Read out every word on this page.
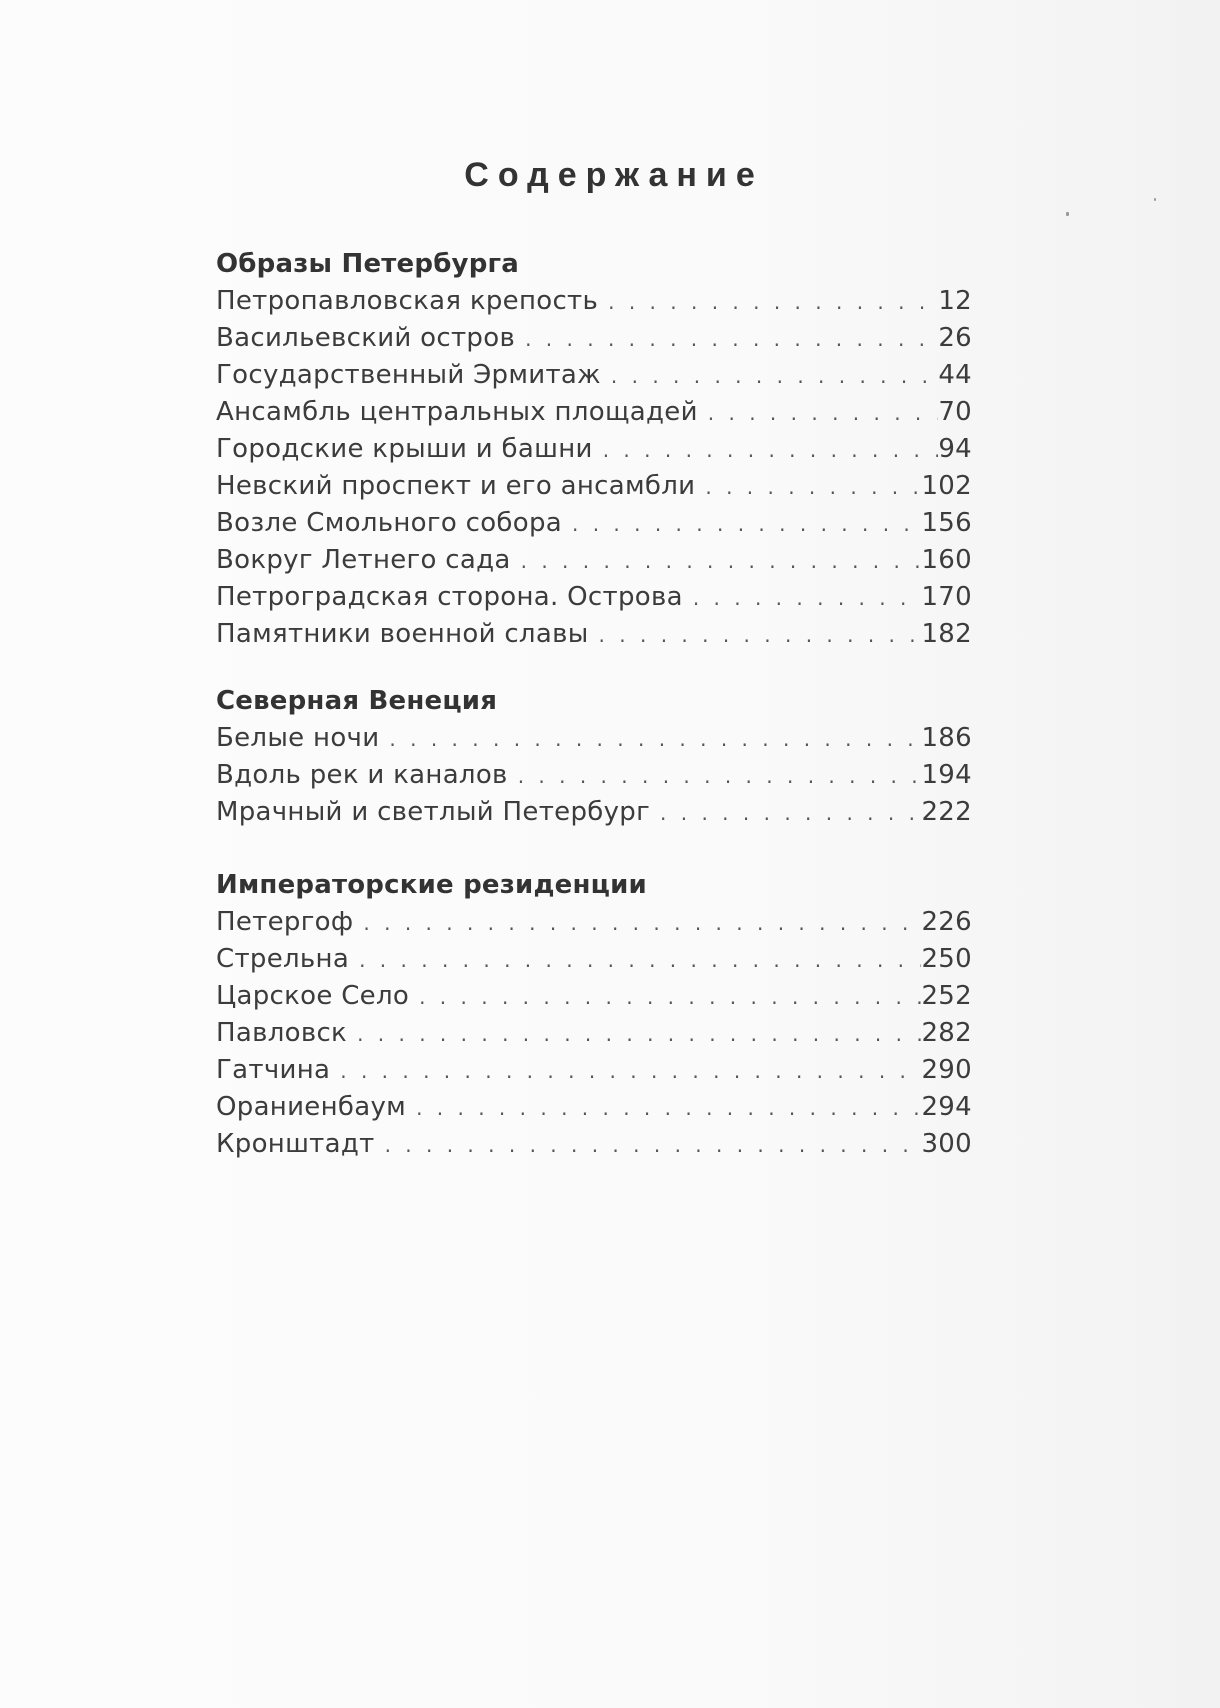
Содержание
Образы Петербурга
Петропавловская крепость . . .	12
Васильевский остров . . .	26
Государственный Эрмитаж . . .	44
Ансамбль центральных площадей . . .	70
Городские крыши и башни . . .	94
Невский проспект и его ансамбли . . .	102
Возле Смольного собора . . .	156
Вокруг Летнего сада . . .	160
Петроградская сторона. Острова . . .	170
Памятники военной славы . . .	182
Северная Венеция
Белые ночи . . .	186
Вдоль рек и каналов . . .	194
Мрачный и светлый Петербург . . .	222
Императорские резиденции
Петергоф . . .	226
Стрельна . . .	250
Царское Село . . .	252
Павловск . . .	282
Гатчина . . .	290
Ораниенбаум . . .	294
Кронштадт . . .	300
